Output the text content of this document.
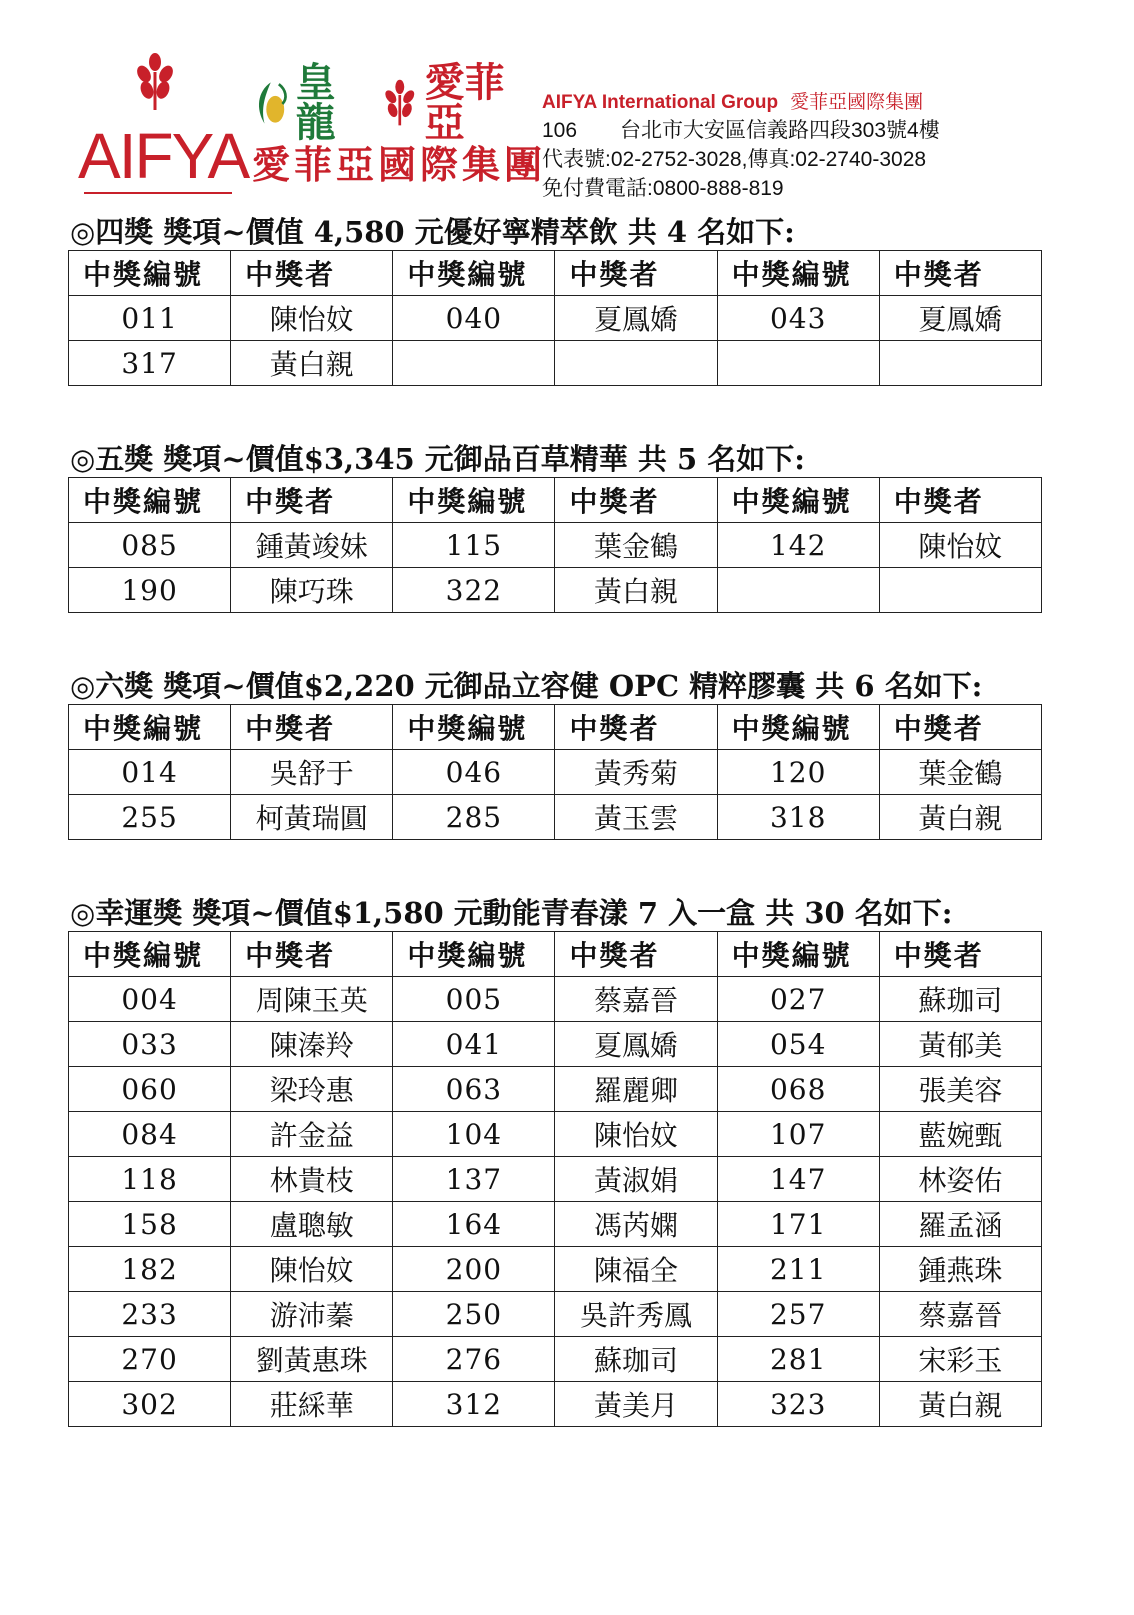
AIFYA
皇龍
愛菲亞
愛菲亞國際集團
AIFYA International Group 愛菲亞國際集團
106 台北市大安區信義路四段303號4樓
代表號:02-2752-3028,傳真:02-2740-3028
免付費電話:0800-888-819
◎四獎 獎項~價值 4,580 元優好寧精萃飲 共 4 名如下:
中獎編號	中獎者	中獎編號	中獎者	中獎編號	中獎者
011	陳怡妏	040	夏鳳嬌	043	夏鳳嬌
317	黃白親				
◎五獎 獎項~價值$3,345 元御品百草精華 共 5 名如下:
中獎編號	中獎者	中獎編號	中獎者	中獎編號	中獎者
085	鍾黃竣妹	115	葉金鶴	142	陳怡妏
190	陳巧珠	322	黃白親		
◎六獎 獎項~價值$2,220 元御品立容健 OPC 精粹膠囊 共 6 名如下:
中獎編號	中獎者	中獎編號	中獎者	中獎編號	中獎者
014	吳舒于	046	黃秀菊	120	葉金鶴
255	柯黃瑞圓	285	黃玉雲	318	黃白親
◎幸運獎 獎項~價值$1,580 元動能青春漾 7 入一盒 共 30 名如下:
中獎編號	中獎者	中獎編號	中獎者	中獎編號	中獎者
004	周陳玉英	005	蔡嘉晉	027	蘇珈司
033	陳溱羚	041	夏鳳嬌	054	黃郁美
060	梁玲惠	063	羅麗卿	068	張美容
084	許金益	104	陳怡妏	107	藍婉甄
118	林貴枝	137	黃淑娟	147	林姿佑
158	盧聰敏	164	馮芮嫻	171	羅孟涵
182	陳怡妏	200	陳福全	211	鍾燕珠
233	游沛蓁	250	吳許秀鳳	257	蔡嘉晉
270	劉黃惠珠	276	蘇珈司	281	宋彩玉
302	莊綵華	312	黃美月	323	黃白親
